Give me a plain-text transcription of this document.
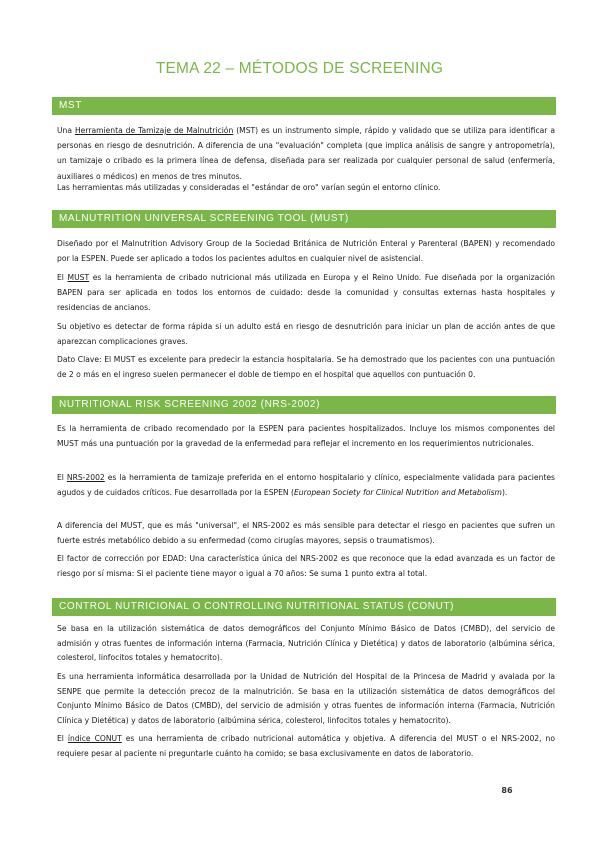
TEMA 22 – MÉTODOS DE SCREENING
MST
Una Herramienta de Tamizaje de Malnutrición (MST) es un instrumento simple, rápido y validado que se utiliza para identificar a personas en riesgo de desnutrición. A diferencia de una "evaluación" completa (que implica análisis de sangre y antropometría), un tamizaje o cribado es la primera línea de defensa, diseñada para ser realizada por cualquier personal de salud (enfermería, auxiliares o médicos) en menos de tres minutos.
Las herramientas más utilizadas y consideradas el "estándar de oro" varían según el entorno clínico.
MALNUTRITION UNIVERSAL SCREENING TOOL (MUST)
Diseñado por el Malnutrition Advisory Group de la Sociedad Británica de Nutrición Enteral y Parenteral (BAPEN) y recomendado por la ESPEN. Puede ser aplicado a todos los pacientes adultos en cualquier nivel de asistencial.
El MUST es la herramienta de cribado nutricional más utilizada en Europa y el Reino Unido. Fue diseñada por la organización BAPEN para ser aplicada en todos los entornos de cuidado: desde la comunidad y consultas externas hasta hospitales y residencias de ancianos.
Su objetivo es detectar de forma rápida si un adulto está en riesgo de desnutrición para iniciar un plan de acción antes de que aparezcan complicaciones graves.
Dato Clave: El MUST es excelente para predecir la estancia hospitalaria. Se ha demostrado que los pacientes con una puntuación de 2 o más en el ingreso suelen permanecer el doble de tiempo en el hospital que aquellos con puntuación 0.
NUTRITIONAL RISK SCREENING 2002 (NRS-2002)
Es la herramienta de cribado recomendado por la ESPEN para pacientes hospitalizados. Incluye los mismos componentes del MUST más una puntuación por la gravedad de la enfermedad para reflejar el incremento en los requerimientos nutricionales.
El NRS-2002 es la herramienta de tamizaje preferida en el entorno hospitalario y clínico, especialmente validada para pacientes agudos y de cuidados críticos. Fue desarrollada por la ESPEN (European Society for Clinical Nutrition and Metabolism).
A diferencia del MUST, que es más "universal", el NRS-2002 es más sensible para detectar el riesgo en pacientes que sufren un fuerte estrés metabólico debido a su enfermedad (como cirugías mayores, sepsis o traumatismos).
El factor de corrección por EDAD: Una característica única del NRS-2002 es que reconoce que la edad avanzada es un factor de riesgo por sí misma: Si el paciente tiene mayor o igual a 70 años: Se suma 1 punto extra al total.
CONTROL NUTRICIONAL O CONTROLLING NUTRITIONAL STATUS (CONUT)
Se basa en la utilización sistemática de datos demográficos del Conjunto Mínimo Básico de Datos (CMBD), del servicio de admisión y otras fuentes de información interna (Farmacia, Nutrición Clínica y Dietética) y datos de laboratorio (albúmina sérica, colesterol, linfocitos totales y hematocrito).
Es una herramienta informática desarrollada por la Unidad de Nutrición del Hospital de la Princesa de Madrid y avalada por la SENPE que permite la detección precoz de la malnutrición. Se basa en la utilización sistemática de datos demográficos del Conjunto Mínimo Básico de Datos (CMBD), del servicio de admisión y otras fuentes de información interna (Farmacia, Nutrición Clínica y Dietética) y datos de laboratorio (albúmina sérica, colesterol, linfocitos totales y hematocrito).
El índice CONUT es una herramienta de cribado nutricional automática y objetiva. A diferencia del MUST o el NRS-2002, no requiere pesar al paciente ni preguntarle cuánto ha comido; se basa exclusivamente en datos de laboratorio.
86
